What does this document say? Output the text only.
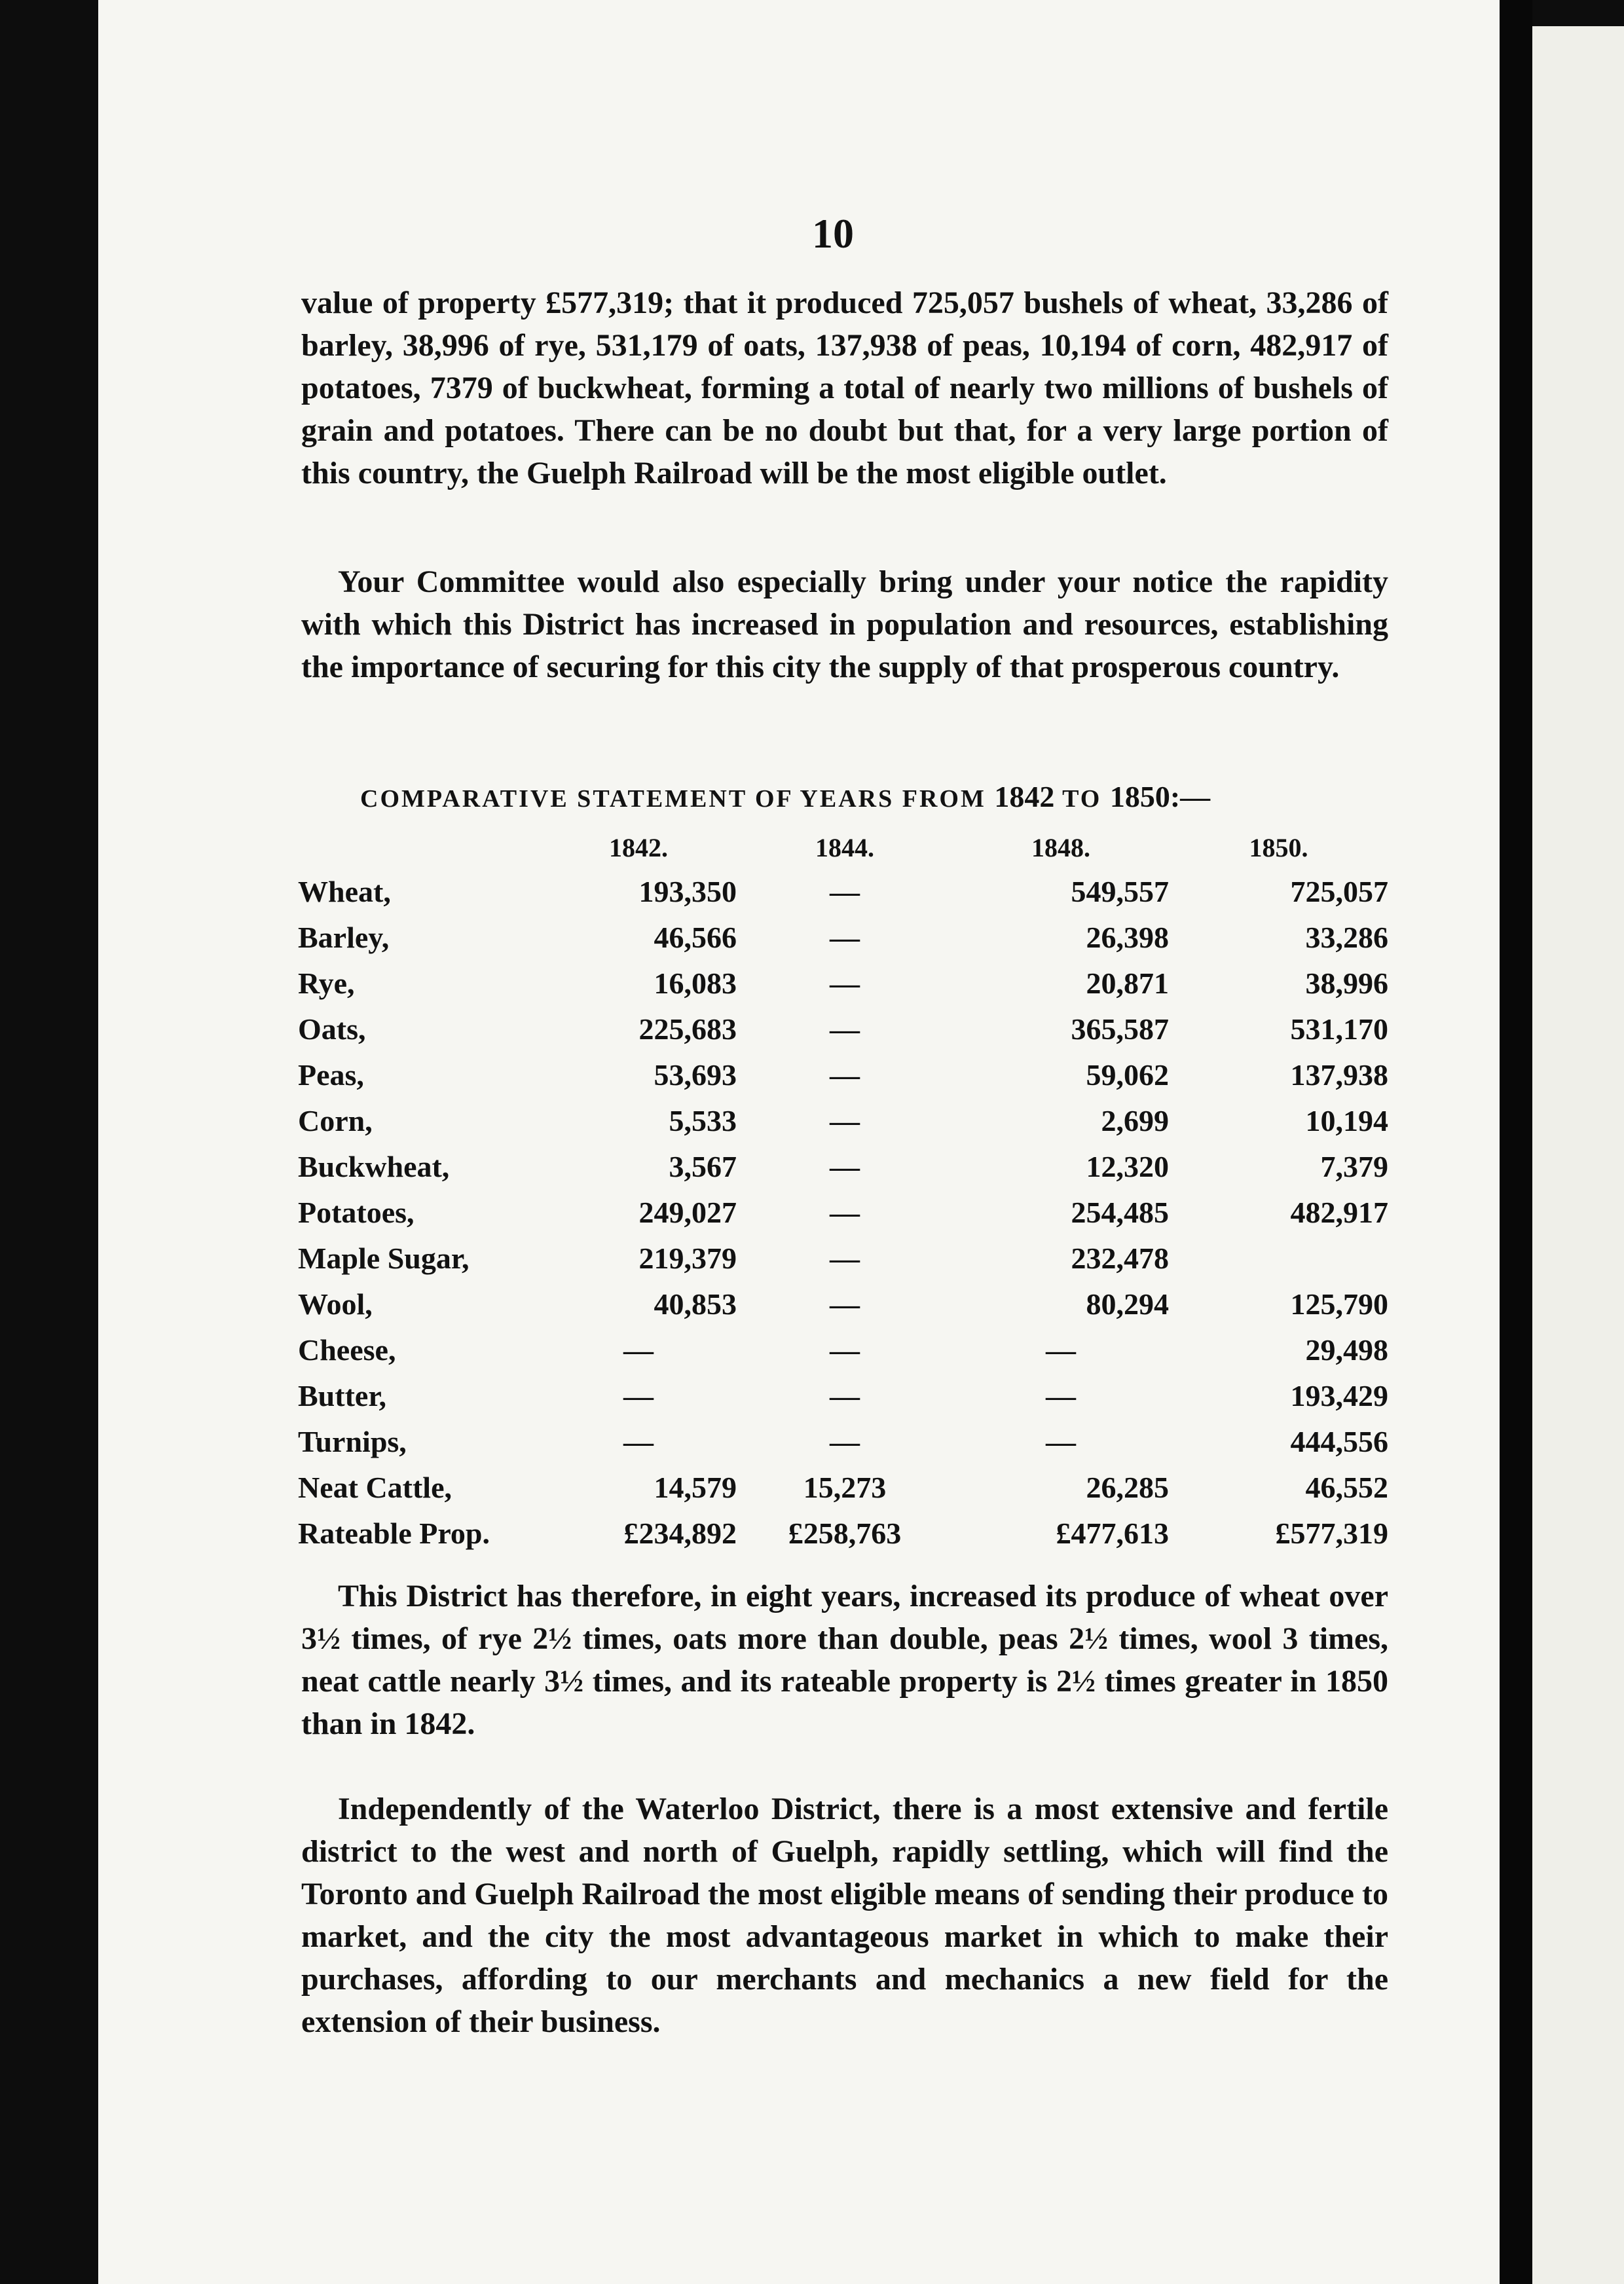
10

value of property £577,319; that it produced 725,057 bushels of wheat, 33,286 of barley, 38,996 of rye, 531,179 of oats, 137,938 of peas, 10,194 of corn, 482,917 of potatoes, 7379 of buckwheat, forming a total of nearly two millions of bushels of grain and potatoes. There can be no doubt but that, for a very large portion of this country, the Guelph Railroad will be the most eligible outlet.

Your Committee would also especially bring under your notice the rapidity with which this District has increased in population and resources, establishing the importance of securing for this city the supply of that prosperous country.

COMPARATIVE STATEMENT OF YEARS FROM 1842 TO 1850:—
	1842.	1844.	1848.	1850.
Wheat,	193,350	—	549,557	725,057
Barley,	46,566	—	26,398	33,286
Rye,	16,083	—	20,871	38,996
Oats,	225,683	—	365,587	531,170
Peas,	53,693	—	59,062	137,938
Corn,	5,533	—	2,699	10,194
Buckwheat,	3,567	—	12,320	7,379
Potatoes,	249,027	—	254,485	482,917
Maple Sugar,	219,379	—	232,478	
Wool,	40,853	—	80,294	125,790
Cheese,	—	—	—	29,498
Butter,	—	—	—	193,429
Turnips,	—	—	—	444,556
Neat Cattle,	14,579	15,273	26,285	46,552
Rateable Prop.	£234,892	£258,763	£477,613	£577,319

This District has therefore, in eight years, increased its produce of wheat over 3½ times, of rye 2½ times, oats more than double, peas 2½ times, wool 3 times, neat cattle nearly 3½ times, and its rateable property is 2½ times greater in 1850 than in 1842.

Independently of the Waterloo District, there is a most extensive and fertile district to the west and north of Guelph, rapidly settling, which will find the Toronto and Guelph Railroad the most eligible means of sending their produce to market, and the city the most advantageous market in which to make their purchases, affording to our merchants and mechanics a new field for the extension of their business.
